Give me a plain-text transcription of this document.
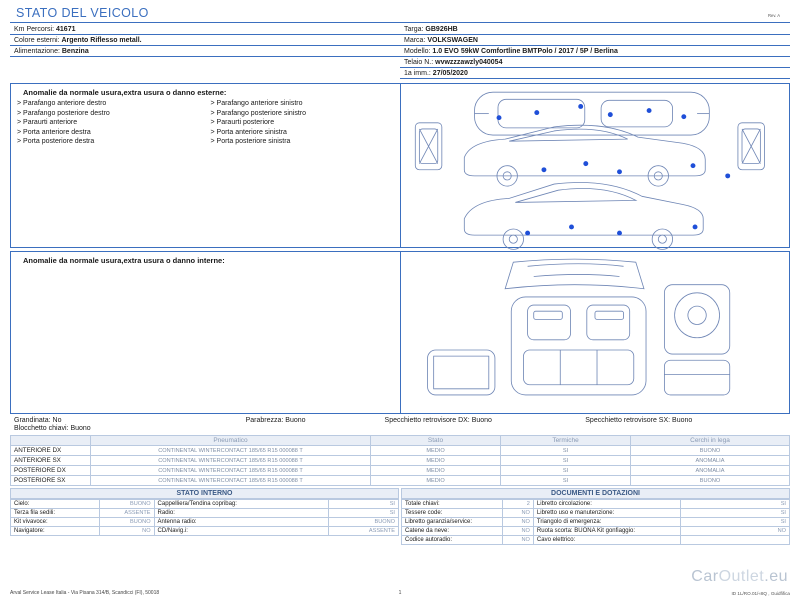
STATO DEL VEICOLO	Rev. A
Km Percorsi: 41671
Colore esterni: Argento Riflesso metall.
Alimentazione: Benzina
Targa: GB926HB
Marca: VOLKSWAGEN
Modello: 1.0 EVO 59kW Comfortline BMTPolo / 2017 / 5P / Berlina
Telaio N.: wvwzzzawzly040054
1a imm.: 27/05/2020
Anomalie da normale usura,extra usura o danno esterne:
> Parafango anteriore destro
> Parafango posteriore destro
> Paraurti anteriore
> Porta anteriore destra
> Porta posteriore destra
> Parafango anteriore sinistro
> Parafango posteriore sinistro
> Paraurti posteriore
> Porta anteriore sinistra
> Porta posteriore sinistra
Anomalie da normale usura,extra usura o danno interne:
Grandinata: No	Parabrezza: Buono	Specchietto retrovisore DX: Buono	Specchietto retrovisore SX: Buono
Blocchetto chiavi: Buono
	Pneumatico	Stato	Termiche	Cerchi in lega
ANTERIORE DX	CONTINENTAL WINTERCONTACT 185/65 R15 000088 T	MEDIO	SI	BUONO
ANTERIORE SX	CONTINENTAL WINTERCONTACT 185/65 R15 000088 T	MEDIO	SI	ANOMALIA
POSTERIORE DX	CONTINENTAL WINTERCONTACT 185/65 R15 000088 T	MEDIO	SI	ANOMALIA
POSTERIORE SX	CONTINENTAL WINTERCONTACT 185/65 R15 000088 T	MEDIO	SI	BUONO
STATO INTERNO
Cielo:	BUONO	Cappelliera/Tendina copribag:	SI
Terza fila sedili:	ASSENTE	Radio:	SI
Kit vivavoce:	BUONO	Antenna radio:	BUONO
Navigatore:	NO	CD/Navig.i:	ASSENTE
DOCUMENTI E DOTAZIONI
Totale chiavi:	2	Libretto circolazione:	SI
Tessere code:	NO	Libretto uso e manutenzione:	SI
Libretto garanzia/service:	NO	Triangolo di emergenza:	SI
Catene da neve:	NO	Ruota scorta: BUONA Kit gonfiaggio:	NO
Codice autoradio:	NO	Cavo elettrico:	
CarOutlet.eu
Arval Service Lease Italia - Via Pisana 314/B, Scandicci (FI), 50018	1	ID 1L/RO.01/«8Q , Guidfifica
